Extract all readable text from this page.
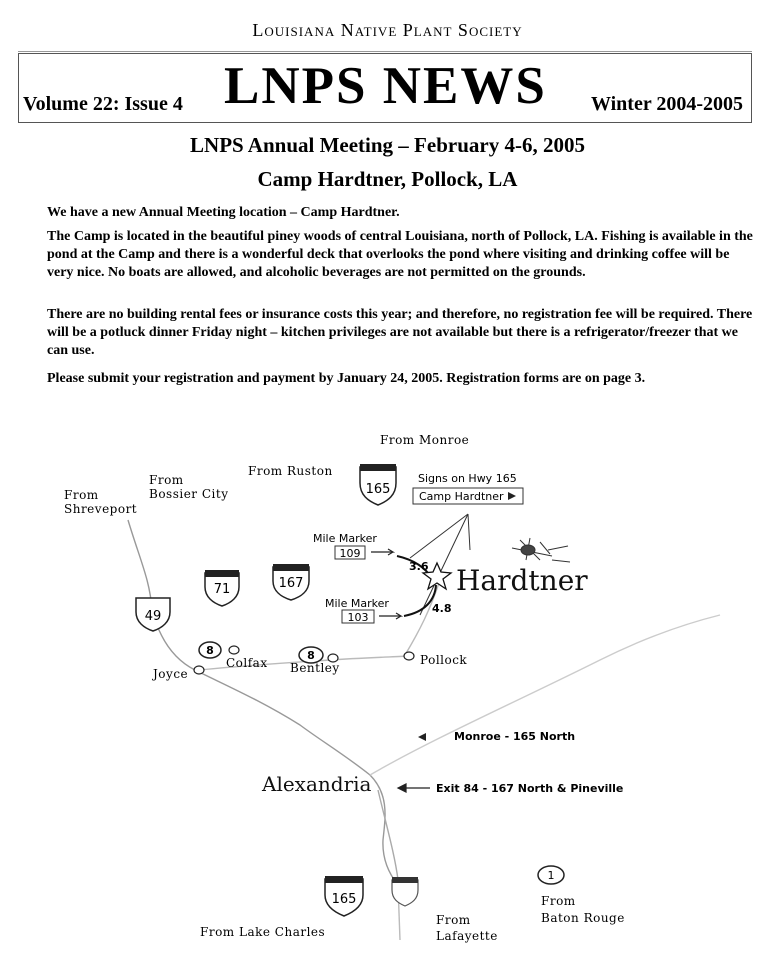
Louisiana Native Plant Society
Volume 22: Issue 4 LNPS NEWS Winter 2004-2005
LNPS Annual Meeting – February 4-6, 2005
Camp Hardtner, Pollock, LA
We have a new Annual Meeting location – Camp Hardtner.
The Camp is located in the beautiful piney woods of central Louisiana, north of Pollock, LA. Fishing is available in the pond at the Camp and there is a wonderful deck that overlooks the pond where visiting and drinking coffee will be very nice. No boats are allowed, and alcoholic beverages are not permitted on the grounds.
There are no building rental fees or insurance costs this year; and therefore, no registration fee will be required. There will be a potluck dinner Friday night – kitchen privileges are not available but there is a refrigerator/freezer that we can use.
Please submit your registration and payment by January 24, 2005. Registration forms are on page 3.
165
167
71
49
165
8	8
1
From Monroe
From Ruston
From Bossier City
From Shreveport
Signs on Hwy 165
Camp Hardtner
Mile Marker
109
Mile Marker
103
3.6
4.8
Hardtner
Pollock
Colfax Bentley
Joyce
Monroe - 165 North
Alexandria	Exit 84 - 167 North & Pineville
From Lake Charles
From Lafayette
From Baton Rouge
